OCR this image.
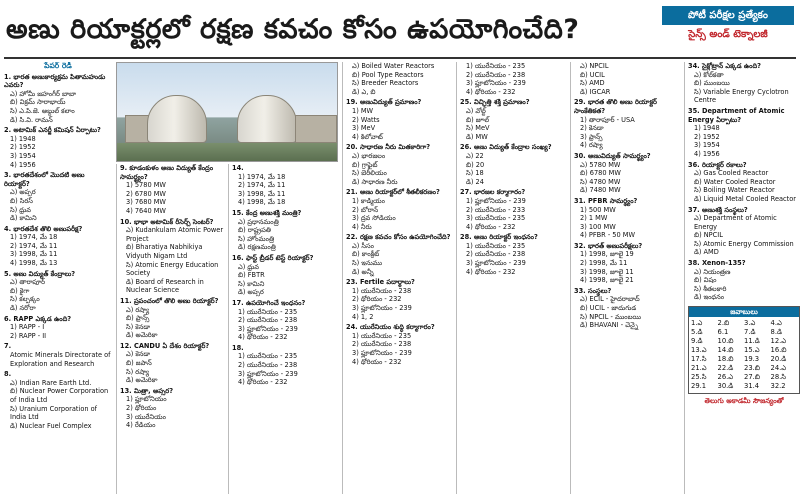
అణు రియాక్టర్లలో రక్షణ కవచం కోసం ఉపయోగించేది?	పోటీ పరీక్షల ప్రత్యేకం
సైన్స్ అండ్ టెక్నాలజీ
పేపర్ రెడీ
1. భారత అణుకార్యక్రమ పితామహుడు ఎవరు?
ఎ) హోమీ జహంగీర్ బాబా
బి) విక్రమ్ సారాభాయ్
సి) ఎ.పి.జె. అబ్దుల్ కలాం
డి) సి.వి. రామన్
2. అటామిక్ ఎనర్జీ కమిషన్ ఏర్పాటు?
1) 1948
2) 1952
3) 1954
4) 1956
3. భారతదేశంలో మొదటి అణు రియాక్టర్?
ఎ) అప్సర
బి) సిరస్
సి) ధ్రువ
డి) కామిని
4. భారతదేశ తొలి అణుపరీక్ష?
1) 1974, మే 18
2) 1974, మే 11
3) 1998, మే 11
4) 1998, మే 13
5. అణు విద్యుత్ కేంద్రాలు?
ఎ) తారాపూర్
బి) కైగా
సి) కల్పక్కం
డి) నరోరా
6. RAPP ఎక్కడ ఉంది?
1) RAPP - I
2) RAPP - II
7.
Atomic Minerals Directorate of Exploration and Research
8.
ఎ) Indian Rare Earth Ltd.
బి) Nuclear Power Corporation of India Ltd
సి) Uranium Corporation of India Ltd
డి) Nuclear Fuel Complex
9. కూడంకుళం అణు విద్యుత్ కేంద్రం సామర్థ్యం?
1) 5780 MW
2) 6780 MW
3) 7680 MW
4) 7640 MW
10. భాభా అటామిక్ రీసెర్చ్ సెంటర్?
ఎ) Kudankulam Atomic Power Project
బి) Bharatiya Nabhikiya Vidyuth Nigam Ltd
సి) Atomic Energy Education Society
డి) Board of Research in Nuclear Science
11. ప్రపంచంలో తొలి అణు రియాక్టర్?
ఎ) రష్యా
బి) ఫ్రాన్స్
సి) కెనడా
డి) అమెరికా
12. CANDU ఏ దేశం రియాక్టర్?
ఎ) కెనడా
బి) జపాన్
సి) రష్యా
డి) అమెరికా
13. మిత్రా, అప్సర?
1) ఫ్లూటోనియం
2) థోరియం
3) యురేనియం
4) రేడియం
14.
1) 1974, మే 18
2) 1974, మే 11
3) 1998, మే 11
4) 1998, మే 18
15. కేంద్ర అణుశక్తి మంత్రి?
ఎ) ప్రధానమంత్రి
బి) రాష్ట్రపతి
సి) హోంమంత్రి
డి) రక్షణమంత్రి
16. ఫాస్ట్ బ్రీడర్ టెస్ట్ రియాక్టర్?
ఎ) ధ్రువ
బి) FBTR
సి) కామిని
డి) అప్సర
17. ఉపయోగించే ఇంధనం?
1) యురేనియం - 235
2) యురేనియం - 238
3) ఫ్లూటోనియం - 239
4) థోరియం - 232
18.
1) యురేనియం - 235
2) యురేనియం - 238
3) ఫ్లూటోనియం - 239
4) థోరియం - 232
ఎ) Boiled Water Reactors
బి) Pool Type Reactors
సి) Breeder Reactors
డి) ఎ, బి
19. అణువిద్యుత్ ప్రమాణం?
1) MW
2) Watts
3) MeV
4) కిలోవాట్
20. సాధారణ నీరు మితకారిగా?
ఎ) భారజలం
బి) గ్రాఫైట్
సి) బెరీలియం
డి) సాధారణ నీరు
21. అణు రియాక్టర్‌లో శీతలీకరణం?
1) కాడ్మియం
2) బోరాన్
3) ద్రవ సోడియం
4) నీరు
22. రక్షణ కవచం కోసం ఉపయోగించేది?
ఎ) సీసం
బి) కాంక్రీట్
సి) ఇనుము
డి) అన్నీ
23. Fertile పదార్థాలు?
1) యురేనియం - 238
2) థోరియం - 232
3) ఫ్లూటోనియం - 239
4) 1, 2
24. యురేనియం శుద్ధి కర్మాగారం?
1) యురేనియం - 235
2) యురేనియం - 238
3) ఫ్లూటోనియం - 239
4) థోరియం - 232
1) యురేనియం - 235
2) యురేనియం - 238
3) ఫ్లూటోనియం - 239
4) థోరియం - 232
25. విచ్ఛిత్తి శక్తి ప్రమాణం?
ఎ) వోల్ట్
బి) జూల్
సి) MeV
డి) MW
26. అణు విద్యుత్ కేంద్రాల సంఖ్య?
ఎ) 22
బి) 20
సి) 18
డి) 24
27. భారజల కర్మాగారం?
1) ఫ్లూటోనియం - 239
2) యురేనియం - 233
3) యురేనియం - 235
4) థోరియం - 232
28. అణు రియాక్టర్ ఇంధనం?
1) యురేనియం - 235
2) యురేనియం - 238
3) ఫ్లూటోనియం - 239
4) థోరియం - 232
ఎ) NPCIL
బి) UCIL
సి) AMD
డి) IGCAR
29. భారత తొలి అణు రియాక్టర్ సాంకేతికత?
1) తారాపూర్ - USA
2) కెనడా
3) ఫ్రాన్స్
4) రష్యా
30. అణువిద్యుత్ సామర్థ్యం?
ఎ) 5780 MW
బి) 6780 MW
సి) 4780 MW
డి) 7480 MW
31. PFBR సామర్థ్యం?
1) 500 MW
2) 1 MW
3) 100 MW
4) PFBR - 50 MW
32. భారత్ అణుపరీక్షలు?
1) 1998, జూలై 19
2) 1998, మే 11
3) 1998, జూలై 11
4) 1998, జూలై 21
33. సంస్థలు?
ఎ) ECIL - హైదరాబాద్
బి) UCIL - జాదుగుడ
సి) NPCIL - ముంబయి
డి) BHAVANI - చెన్నై
34. సైక్లోట్రాన్ ఎక్కడ ఉంది?
ఎ) కోల్‌కతా
బి) ముంబయి
సి) Variable Energy Cyclotron Centre
35. Department of Atomic Energy ఏర్పాటు?
1) 1948
2) 1952
3) 1954
4) 1956
36. రియాక్టర్ రకాలు?
ఎ) Gas Cooled Reactor
బి) Water Cooled Reactor
సి) Boiling Water Reactor
డి) Liquid Metal Cooled Reactor
37. అణుశక్తి సంస్థలు?
ఎ) Department of Atomic Energy
బి) NPCIL
సి) Atomic Energy Commission
డి) AMD
38. Xenon-135?
ఎ) నియంత్రణ
బి) విషం
సి) శీతలకారి
డి) ఇంధనం
జవాబులు
1.ఎ	2.బి	3.ఎ	4.ఎ
5.డి	6.1	7.డి	8.డి
9.డి	10.బి	11.డి	12.ఎ
13.ఎ	14.బి	15.ఎ	16.బి
17.సి	18.బి	19.3	20.డి
21.ఎ	22.డి	23.బి	24.ఎ
25.సి	26.ఎ	27.బి	28.సి
29.1	30.డి	31.4	32.2
తెలుగు అకాడమీ సౌజన్యంతో
